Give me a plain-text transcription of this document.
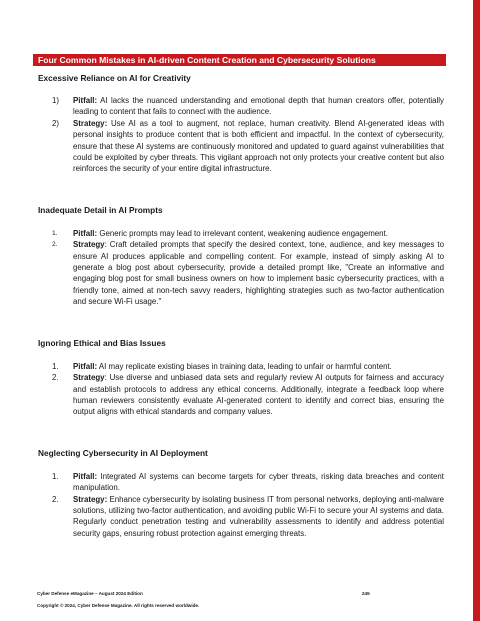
Four Common Mistakes in AI-driven Content Creation and Cybersecurity Solutions
Excessive Reliance on AI for Creativity
1) Pitfall: AI lacks the nuanced understanding and emotional depth that human creators offer, potentially leading to content that fails to connect with the audience.
2) Strategy: Use AI as a tool to augment, not replace, human creativity. Blend AI-generated ideas with personal insights to produce content that is both efficient and impactful. In the context of cybersecurity, ensure that these AI systems are continuously monitored and updated to guard against vulnerabilities that could be exploited by cyber threats. This vigilant approach not only protects your creative content but also reinforces the security of your entire digital infrastructure.
Inadequate Detail in AI Prompts
1. Pitfall: Generic prompts may lead to irrelevant content, weakening audience engagement.
2. Strategy: Craft detailed prompts that specify the desired context, tone, audience, and key messages to ensure AI produces applicable and compelling content. For example, instead of simply asking AI to generate a blog post about cybersecurity, provide a detailed prompt like, "Create an informative and engaging blog post for small business owners on how to implement basic cybersecurity practices, with a friendly tone, aimed at non-tech savvy readers, highlighting strategies such as two-factor authentication and secure Wi-Fi usage."
Ignoring Ethical and Bias Issues
1. Pitfall: AI may replicate existing biases in training data, leading to unfair or harmful content.
2. Strategy: Use diverse and unbiased data sets and regularly review AI outputs for fairness and accuracy and establish protocols to address any ethical concerns. Additionally, integrate a feedback loop where human reviewers consistently evaluate AI-generated content to identify and correct bias, ensuring the output aligns with ethical standards and company values.
Neglecting Cybersecurity in AI Deployment
1. Pitfall: Integrated AI systems can become targets for cyber threats, risking data breaches and content manipulation.
2. Strategy: Enhance cybersecurity by isolating business IT from personal networks, deploying anti-malware solutions, utilizing two-factor authentication, and avoiding public Wi-Fi to secure your AI systems and data. Regularly conduct penetration testing and vulnerability assessments to identify and address potential security gaps, ensuring robust protection against emerging threats.
Cyber Defense eMagazine – August 2024 Edition	245
Copyright © 2024, Cyber Defense Magazine. All rights reserved worldwide.
